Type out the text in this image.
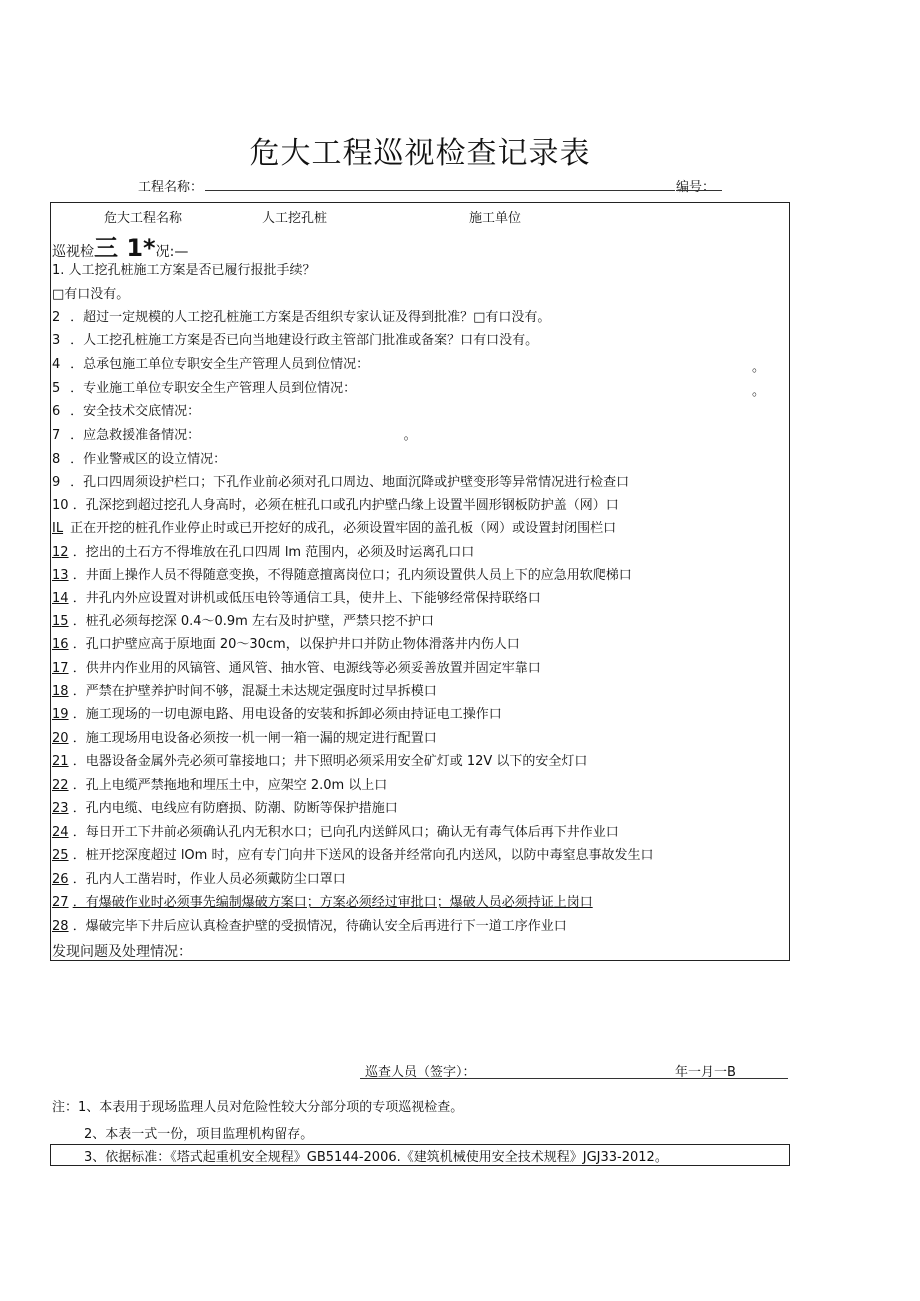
危大工程巡视检查记录表
工程名称：	编号：
危大工程名称	人工挖孔桩	施工单位
巡视检三 1*况:—
发现问题及处理情况：
巡查人员（签字）：	年一月一B
注：1、本表用于现场监理人员对危险性较大分部分项的专项巡视检查。
2、本表一式一份，项目监理机构留存。
3、依据标准：《塔式起重机安全规程》GB5144-2006.《建筑机械使用安全技术规程》JGJ33-2012。
1. 人工挖孔桩施工方案是否已履行报批手续？
□有口没有。
2 ．超过一定规模的人工挖孔桩施工方案是否组织专家认证及得到批准？□有口没有。
3 ．人工挖孔桩施工方案是否已向当地建设行政主管部门批准或备案？口有口没有。
4 ．总承包施工单位专职安全生产管理人员到位情况：	。
5 ．专业施工单位专职安全生产管理人员到位情况：	。
6 ．安全技术交底情况：
7 ．应急救援准备情况：	。
8 ．作业警戒区的设立情况：
9 ．孔口四周须设护栏口；下孔作业前必须对孔口周边、地面沉降或护壁变形等异常情况进行检查口
10 ．孔深挖到超过挖孔人身高时，必须在桩孔口或孔内护壁凸缘上设置半圆形钢板防护盖（网）口
IL 正在开挖的桩孔作业停止时或已开挖好的成孔，必须设置牢固的盖孔板（网）或设置封闭围栏口
12 ．挖出的土石方不得堆放在孔口四周 lm 范围内，必须及时运离孔口口
13 ．井面上操作人员不得随意变换，不得随意擅离岗位口；孔内须设置供人员上下的应急用软爬梯口
14 ．井孔内外应设置对讲机或低压电铃等通信工具，使井上、下能够经常保持联络口
15 ．桩孔必须每挖深 0.4～0.9m 左右及时护壁，严禁只挖不护口
16 ．孔口护壁应高于原地面 20～30cm，以保护井口并防止物体滑落井内伤人口
17 ．供井内作业用的风镐管、通风管、抽水管、电源线等必须妥善放置并固定牢靠口
18 ．严禁在护壁养护时间不够，混凝土未达规定强度时过早拆模口
19 ．施工现场的一切电源电路、用电设备的安装和拆卸必须由持证电工操作口
20 ．施工现场用电设备必须按一机一闸一箱一漏的规定进行配置口
21 ．电器设备金属外壳必须可靠接地口；井下照明必须采用安全矿灯或 12V 以下的安全灯口
22 ．孔上电缆严禁拖地和埋压土中，应架空 2.0m 以上口
23 ．孔内电缆、电线应有防磨损、防潮、防断等保护措施口
24 ．每日开工下井前必须确认孔内无积水口；已向孔内送鲜风口；确认无有毒气体后再下井作业口
25 ．桩开挖深度超过 lOm 时，应有专门向井下送风的设备并经常向孔内送风，以防中毒窒息事故发生口
26 ．孔内人工凿岩时，作业人员必须戴防尘口罩口
27 ．有爆破作业时必须事先编制爆破方案口；方案必须经过审批口；爆破人员必须持证上岗口
28 ．爆破完毕下井后应认真检查护壁的受损情况，待确认安全后再进行下一道工序作业口
